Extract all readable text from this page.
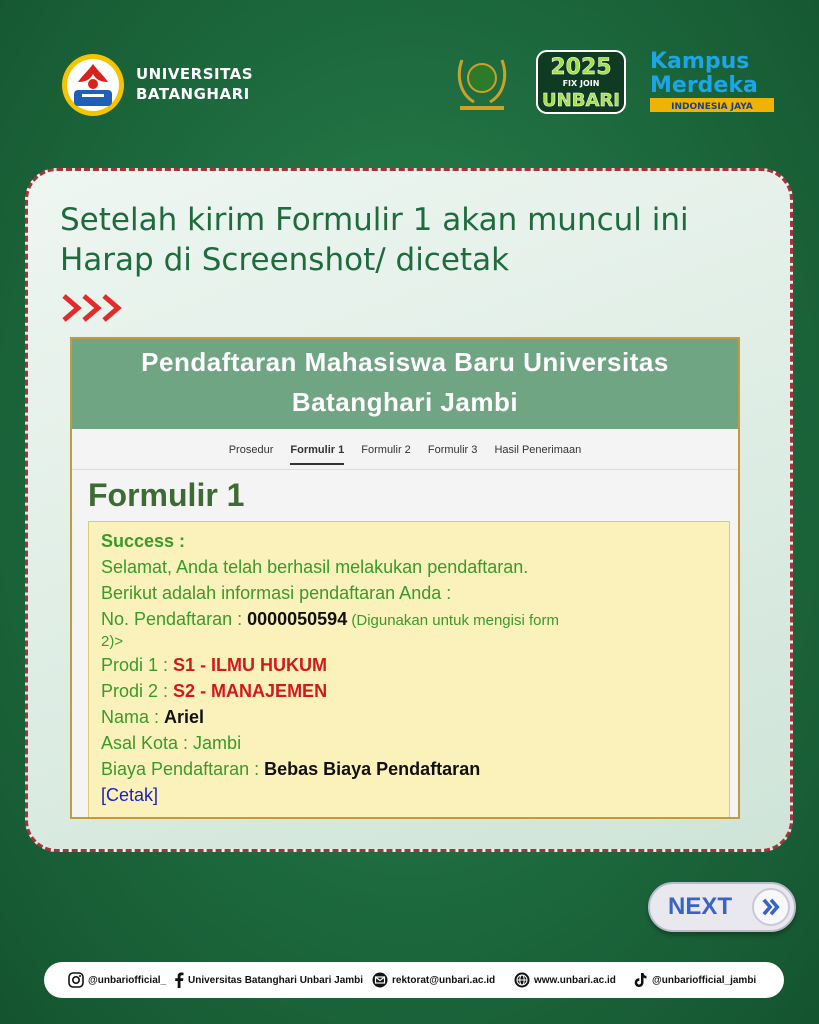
UNIVERSITAS
BATANGHARI
2025
FIX JOIN
UNBARI
Kampus
Merdeka
INDONESIA JAYA
Setelah kirim Formulir 1 akan muncul ini
Harap di Screenshot/ dicetak
Pendaftaran Mahasiswa Baru Universitas
Batanghari Jambi
Prosedur Formulir 1 Formulir 2 Formulir 3 Hasil Penerimaan
Formulir 1
Success :
Selamat, Anda telah berhasil melakukan pendaftaran.
Berikut adalah informasi pendaftaran Anda :
No. Pendaftaran : 0000050594 (Digunakan untuk mengisi form
2)>
Prodi 1 : S1 - ILMU HUKUM
Prodi 2 : S2 - MANAJEMEN
Nama : Ariel
Asal Kota : Jambi
Biaya Pendaftaran : Bebas Biaya Pendaftaran
[Cetak]
NEXT
@unbariofficial_ Universitas Batanghari Unbari Jambi	rektorat@unbari.ac.id	www.unbari.ac.id	@unbariofficial_jambi
